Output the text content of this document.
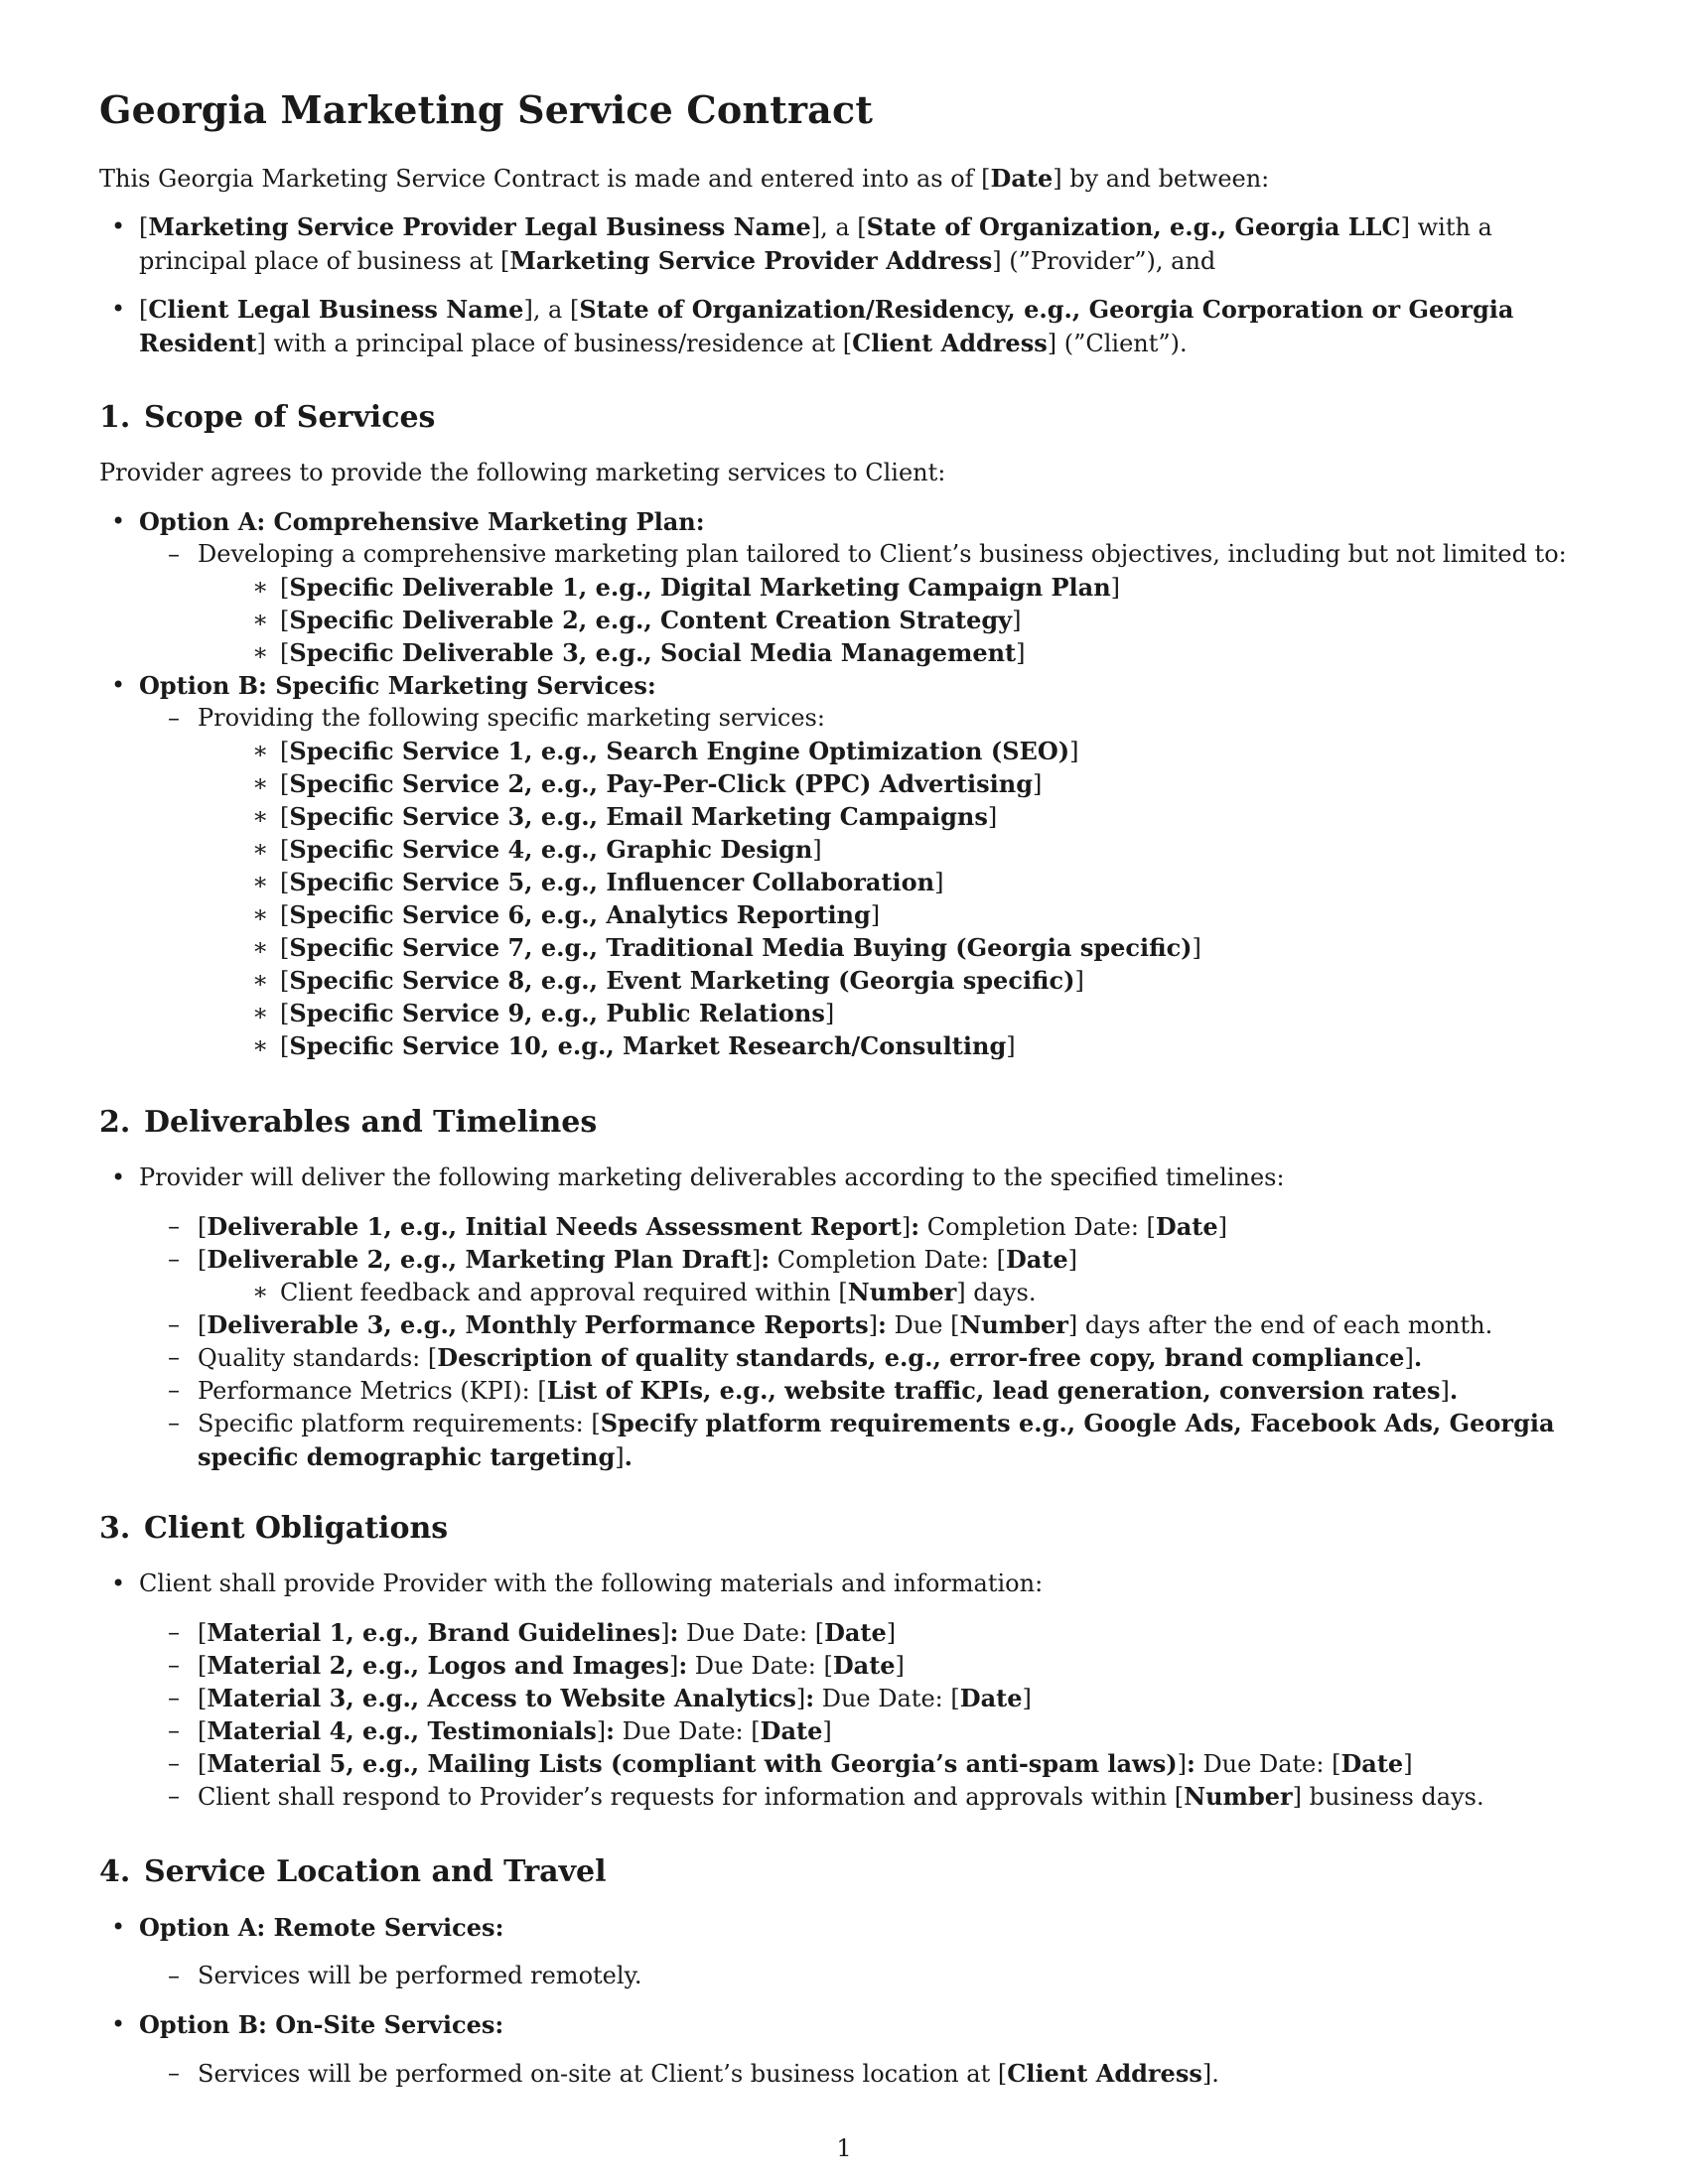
Georgia Marketing Service Contract
This Georgia Marketing Service Contract is made and entered into as of [Date] by and between:
• [Marketing Service Provider Legal Business Name], a [State of Organization, e.g., Georgia LLC] with a principal place of business at [Marketing Service Provider Address] (”Provider”), and
• [Client Legal Business Name], a [State of Organization/Residency, e.g., Georgia Corporation or Georgia Resident] with a principal place of business/residence at [Client Address] (”Client”).
1. Scope of Services
Provider agrees to provide the following marketing services to Client:
• Option A: Comprehensive Marketing Plan:
– Developing a comprehensive marketing plan tailored to Client’s business objectives, including but not limited to:
∗ [Specific Deliverable 1, e.g., Digital Marketing Campaign Plan]
∗ [Specific Deliverable 2, e.g., Content Creation Strategy]
∗ [Specific Deliverable 3, e.g., Social Media Management]
• Option B: Specific Marketing Services:
– Providing the following specific marketing services:
∗ [Specific Service 1, e.g., Search Engine Optimization (SEO)]
∗ [Specific Service 2, e.g., Pay-Per-Click (PPC) Advertising]
∗ [Specific Service 3, e.g., Email Marketing Campaigns]
∗ [Specific Service 4, e.g., Graphic Design]
∗ [Specific Service 5, e.g., Influencer Collaboration]
∗ [Specific Service 6, e.g., Analytics Reporting]
∗ [Specific Service 7, e.g., Traditional Media Buying (Georgia specific)]
∗ [Specific Service 8, e.g., Event Marketing (Georgia specific)]
∗ [Specific Service 9, e.g., Public Relations]
∗ [Specific Service 10, e.g., Market Research/Consulting]
2. Deliverables and Timelines
• Provider will deliver the following marketing deliverables according to the specified timelines:
– [Deliverable 1, e.g., Initial Needs Assessment Report]: Completion Date: [Date]
– [Deliverable 2, e.g., Marketing Plan Draft]: Completion Date: [Date]
∗ Client feedback and approval required within [Number] days.
– [Deliverable 3, e.g., Monthly Performance Reports]: Due [Number] days after the end of each month.
– Quality standards: [Description of quality standards, e.g., error-free copy, brand compliance].
– Performance Metrics (KPI): [List of KPIs, e.g., website traffic, lead generation, conversion rates].
– Specific platform requirements: [Specify platform requirements e.g., Google Ads, Facebook Ads, Georgia specific demographic targeting].
3. Client Obligations
• Client shall provide Provider with the following materials and information:
– [Material 1, e.g., Brand Guidelines]: Due Date: [Date]
– [Material 2, e.g., Logos and Images]: Due Date: [Date]
– [Material 3, e.g., Access to Website Analytics]: Due Date: [Date]
– [Material 4, e.g., Testimonials]: Due Date: [Date]
– [Material 5, e.g., Mailing Lists (compliant with Georgia’s anti-spam laws)]: Due Date: [Date]
– Client shall respond to Provider’s requests for information and approvals within [Number] business days.
4. Service Location and Travel
• Option A: Remote Services:
– Services will be performed remotely.
• Option B: On-Site Services:
– Services will be performed on-site at Client’s business location at [Client Address].
1
